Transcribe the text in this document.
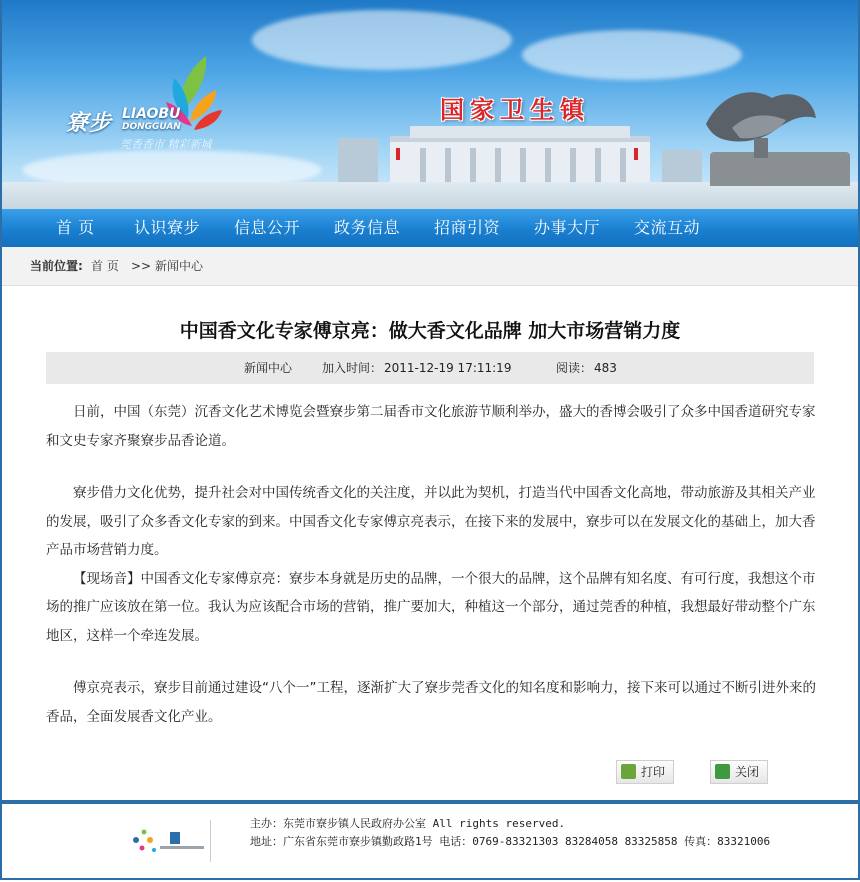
寮步 LIAOBU
DONGGUAN
莞香香市 精彩新城
国家卫生镇
首 页 认识寮步 信息公开 政务信息 招商引资 办事大厅 交流互动
当前位置: 首 页 >> 新闻中心
中国香文化专家傅京亮：做大香文化品牌 加大市场营销力度
新闻中心 加入时间： 2011-12-19 17:11:19	阅读： 483

日前，中国（东莞）沉香文化艺术博览会暨寮步第二届香市文化旅游节顺利举办，盛大的香博会吸引了众多中国香道研究专家和文史专家齐聚寮步品香论道。

寮步借力文化优势，提升社会对中国传统香文化的关注度，并以此为契机，打造当代中国香文化高地，带动旅游及其相关产业的发展，吸引了众多香文化专家的到来。中国香文化专家傅京亮表示，在接下来的发展中，寮步可以在发展文化的基础上，加大香产品市场营销力度。

【现场音】中国香文化专家傅京亮：寮步本身就是历史的品牌，一个很大的品牌，这个品牌有知名度、有可行度，我想这个市场的推广应该放在第一位。我认为应该配合市场的营销，推广要加大，种植这一个部分，通过莞香的种植，我想最好带动整个广东地区，这样一个牵连发展。

傅京亮表示，寮步目前通过建设“八个一”工程，逐渐扩大了寮步莞香文化的知名度和影响力，接下来可以通过不断引进外来的香品，全面发展香文化产业。

打印	关闭
主办：东莞市寮步镇人民政府办公室 All rights reserved.
地址：广东省东莞市寮步镇勤政路1号 电话：0769-83321303 83284058 83325858 传真：83321006
